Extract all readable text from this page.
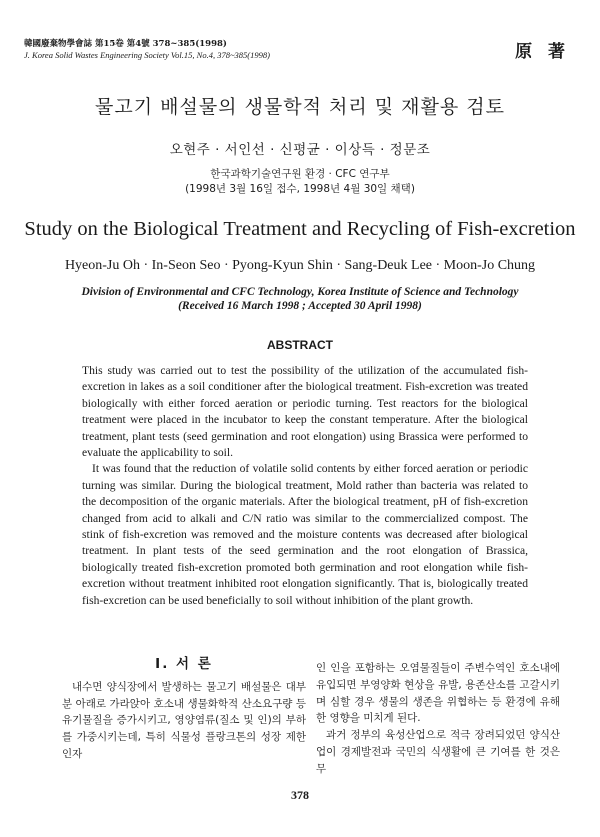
韓國廢棄物學會誌 第15卷 第4號 378~385(1998)
J. Korea Solid Wastes Engineering Society Vol.15, No.4, 378~385(1998)	原 著
물고기 배설물의 생물학적 처리 및 재활용 검토
오현주 · 서인선 · 신평균 · 이상득 · 정문조
한국과학기술연구원 환경 · CFC 연구부
(1998년 3월 16일 접수, 1998년 4월 30일 채택)
Study on the Biological Treatment and Recycling of Fish-excretion
Hyeon-Ju Oh · In-Seon Seo · Pyong-Kyun Shin · Sang-Deuk Lee · Moon-Jo Chung
Division of Environmental and CFC Technology, Korea Institute of Science and Technology
(Received 16 March 1998 ; Accepted 30 April 1998)
ABSTRACT

This study was carried out to test the possibility of the utilization of the accumulated fish-excretion in lakes as a soil conditioner after the biological treatment. Fish-excretion was treated biologically with either forced aeration or periodic turning. Test reactors for the biological treatment were placed in the incubator to keep the constant temperature. After the biological treatment, plant tests (seed germination and root elongation) using Brassica were performed to evaluate the applicability to soil.

It was found that the reduction of volatile solid contents by either forced aeration or periodic turning was similar. During the biological treatment, Mold rather than bacteria was related to the decomposition of the organic materials. After the biological treatment, pH of fish-excretion changed from acid to alkali and C/N ratio was similar to the commercialized compost. The stink of fish-excretion was removed and the moisture contents was decreased after biological treatment. In plant tests of the seed germination and the root elongation of Brassica, biologically treated fish-excretion promoted both germination and root elongation while fish-excretion without treatment inhibited root elongation significantly. That is, biologically treated fish-excretion can be used beneficially to soil without inhibition of the plant growth.

I. 서 론

내수면 양식장에서 발생하는 물고기 배설물은 대부분 아래로 가라앉아 호소내 생물화학적 산소요구량 등 유기물질을 증가시키고, 영양염류(질소 및 인)의 부하를 가중시키는데, 특히 식물성 플랑크톤의 성장 제한인자

인 인을 포함하는 오염물질들이 주변수역인 호소내에 유입되면 부영양화 현상을 유발, 용존산소를 고갈시키며 심할 경우 생물의 생존을 위협하는 등 환경에 유해한 영향을 미치게 된다.

과거 정부의 육성산업으로 적극 장려되었던 양식산업이 경제발전과 국민의 식생활에 큰 기여를 한 것은 무

378
